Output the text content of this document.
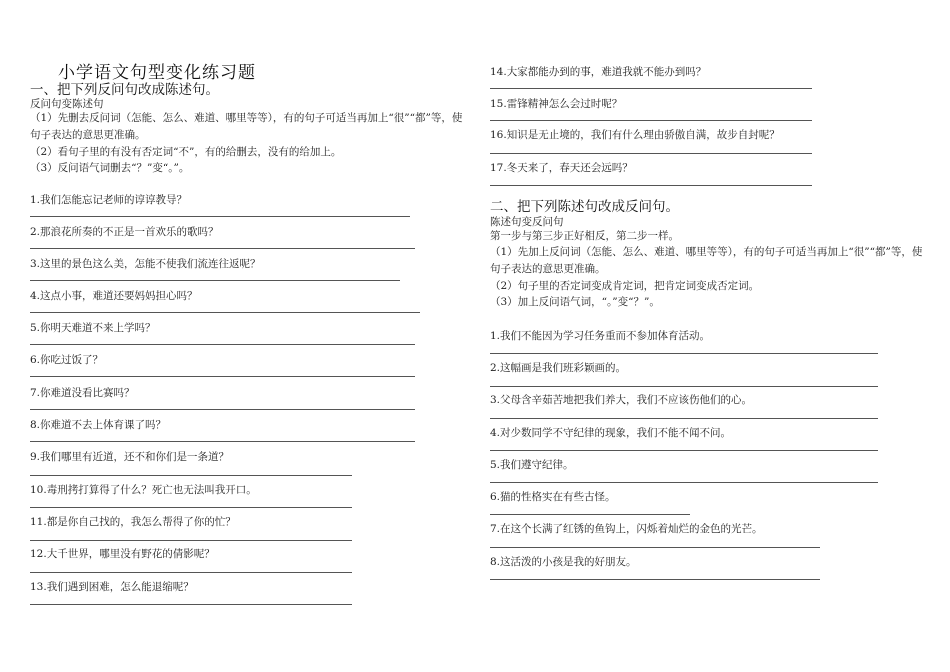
小学语文句型变化练习题
一、把下列反问句改成陈述句。
反问句变陈述句
（1）先删去反问词（怎能、怎么、难道、哪里等等），有的句子可适当再加上“很”“都”等，使句子表达的意思更准确。
（2）看句子里的有没有否定词“不”，有的给删去，没有的给加上。
（3）反问语气词删去“？”变“。”。
1.我们怎能忘记老师的谆谆教导？
2.那浪花所奏的不正是一首欢乐的歌吗？
3.这里的景色这么美，怎能不使我们流连往返呢？
4.这点小事，难道还要妈妈担心吗？
5.你明天难道不来上学吗？
6.你吃过饭了？
7.你难道没看比赛吗？
8.你难道不去上体育课了吗？
9.我们哪里有近道，还不和你们是一条道？
10.毒刑拷打算得了什么？死亡也无法叫我开口。
11.都是你自己找的，我怎么帮得了你的忙？
12.大千世界，哪里没有野花的倩影呢？
13.我们遇到困难，怎么能退缩呢？
14.大家都能办到的事，难道我就不能办到吗？
15.雷锋精神怎么会过时呢？
16.知识是无止境的，我们有什么理由骄傲自满，故步自封呢？
17.冬天来了，春天还会远吗？
二、把下列陈述句改成反问句。
陈述句变反问句
第一步与第三步正好相反，第二步一样。
（1）先加上反问词（怎能、怎么、难道、哪里等等），有的句子可适当再加上“很”“都”等，使句子表达的意思更准确。
（2）句子里的否定词变成肯定词，把肯定词变成否定词。
（3）加上反问语气词，“。”变“？”。
1.我们不能因为学习任务重而不参加体育活动。
2.这幅画是我们班彩颖画的。
3.父母含辛茹苦地把我们养大，我们不应该伤他们的心。
4.对少数同学不守纪律的现象，我们不能不闻不问。
5.我们遵守纪律。
6.猫的性格实在有些古怪。
7.在这个长满了红锈的鱼钩上，闪烁着灿烂的金色的光芒。
8.这活泼的小孩是我的好朋友。
